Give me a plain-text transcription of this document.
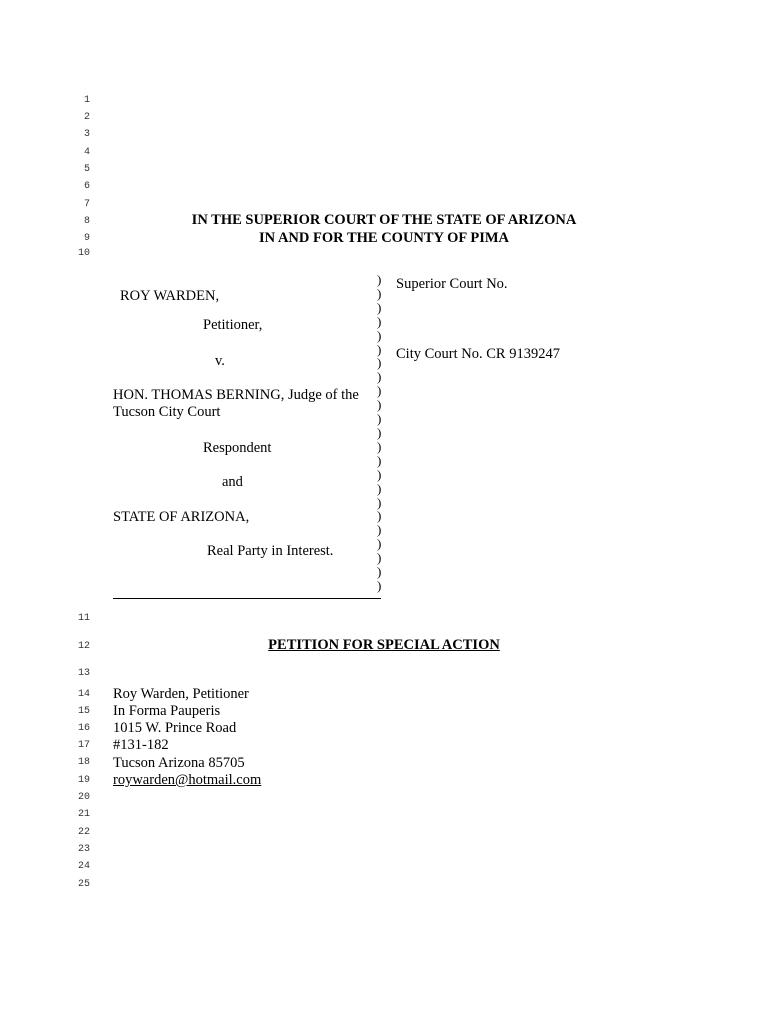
1
2
3
4
5
6
7
8
9
10
IN THE SUPERIOR COURT OF THE STATE OF ARIZONA
IN AND FOR THE COUNTY OF PIMA
ROY WARDEN,
Petitioner,
v.
HON. THOMAS BERNING, Judge of the
Tucson City Court
Respondent
and
STATE OF ARIZONA,
Real Party in Interest.
)
)
)
)
)
)
)
)
)
)
)
)
)
)
)
)
)
)
)
)
)
)
)
Superior Court No.
City Court No. CR 9139247
11
12
13
14
15
16
17
18
19
20
21
22
23
24
25
PETITION FOR SPECIAL ACTION
Roy Warden, Petitioner
In Forma Pauperis
1015 W. Prince Road
#131-182
Tucson Arizona 85705
roywarden@hotmail.com
